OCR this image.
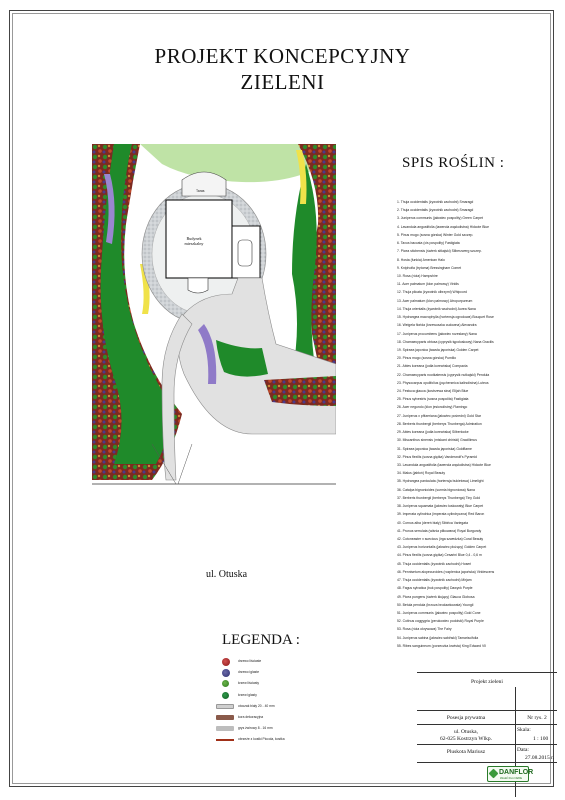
PROJEKT KONCEPCYJNY
ZIELENI
Taras
Budynek
mieszkalny
ul. Otuska
SPIS ROŚLIN :
1. Thuja occidentalis (żywotnik zachodni) Smaragd
2. Thuja occidentalis (żywotnik zachodni) Smaragd
3. Juniperus communis (jałowiec pospolity) Green Carpet
4. Lavandula angustifolia (lawenda wąskolistna) Hidcote Blue
5. Pinus mugo (sosna górska) Winter Gold szczep.
6. Taxus baccata (cis pospolity) Fastigiata
7. Picea sitchensis (świerk sitkajski) Silberzwerg szczep.
8. Hosta (funkia) American Halo
9. Kniphofia (trytoma) Bressingham Comet
10. Rosa (róża) Hampshire
11. Acer palmatum (klon palmowy) Viridis
12. Thuja plicata (żywotnik olbrzymi) Whipcord
13. Acer palmatum (klon palmowy) Atropurpureum
14. Thuja orientalis (żywotnik wschodni) Aurea Nana
15. Hydrangea macrophylla (hortensja ogrodowa) Bouquet Rose
16. Weigela florida (krzewuszka cudowna) Alexandra
17. Juniperus procumbens (jałowiec rozesłany) Nana
18. Chamaecyparis obtusa (cyprysik tępołuskowy) Nana Gracilis
19. Spiraea japonica (tawuła japońska) Golden Carpet
20. Pinus mugo (sosna górska) Pumilio
21. Abies koreana (jodła koreańska) Compacta
22. Chamaecyparis nootkatensis (cyprysik nutkajski) Pendula
23. Physocarpus opulifolius (pęcherznica kalinolistna) Luteus
24. Festuca glauca (kostrzewa sina) Elijah Blue
25. Pinus sylvestris (sosna pospolita) Fastigiata
26. Acer negundo (klon jesionolistny) Flamingo
27. Juniperus x pfitzeriana (jałowiec pośredni) Gold Star
28. Berberis thunbergii (berberys Thunberga) Admiration
29. Abies koreana (jodła koreańska) Silberlocke
30. Miscanthus sinensis (miskant chiński) Gracillimus
31. Spiraea japonica (tawuła japońska) Goldflame
32. Pinus flexilis (sosna giętka) Vanderwolf's Pyramid
33. Lavandula angustifolia (lawenda wąskolistna) Hidcote Blue
34. Malus (jabłoń) Royal Beauty
35. Hydrangea paniculata (hortensja bukietowa) Limelight
36. Catalpa bignonioides (surmia bignoniowa) Nana
37. Berberis thunbergii (berberys Thunberga) Tiny Gold
38. Juniperus squamata (jałowiec łuskowaty) Blue Carpet
39. Imperata cylindrica (imperata cylindryczna) Red Baron
40. Cornus alba (dereń biały) Sibirica Variegata
41. Prunus serrulata (wiśnia piłkowana) Royal Burgundy
42. Cotoneaster x suecicus (irga szwedzka) Coral Beauty
43. Juniperus horizontalis (jałowiec płożący) Golden Carpet
44. Pinus flexilis (sosna giętka) Cesarini Blue 0,4 - 0,6 m
45. Thuja occidentalis (żywotnik zachodni) Hoseri
46. Pennisetum alopecuroides (rozplenica japońska) Viridescens
47. Thuja occidentalis (żywotnik zachodni) Mirjam
48. Fagus sylvatica (buk pospolity) Dawyck Purple
49. Picea pungens (świerk kłujący) Glauca Globosa
50. Betula pendula (brzoza brodawkowata) Youngii
51. Juniperus communis (jałowiec pospolity) Gold Cone
52. Cotinus coggygria (perukowiec podolski) Royal Purple
53. Rosa (róża okrywowa) The Fairy
54. Juniperus sabina (jałowiec sabiński) Tamariscifolia
55. Ribes sanguineum (porzeczka krwista) King Edward VII
LEGENDA :
drzewo liściaste
drzewo iglaste
krzew liściasty
krzew iglasty
otoczak biały 20 - 40 mm
kora dekoracyjna
grys żwirowy 8 - 16 mm
obrzeże z kostki Piccola, kostka
Projekt zieleni
Posesja prywatna	Nr rys. 2
ul. Otuska,
62-025 Kostrzyn Wlkp.
Skala:
1 : 100
Pluskota Mariusz	Data:
27.08.2015 r.
DANFLOR
ZIELEŃ DLA CIEBIE
